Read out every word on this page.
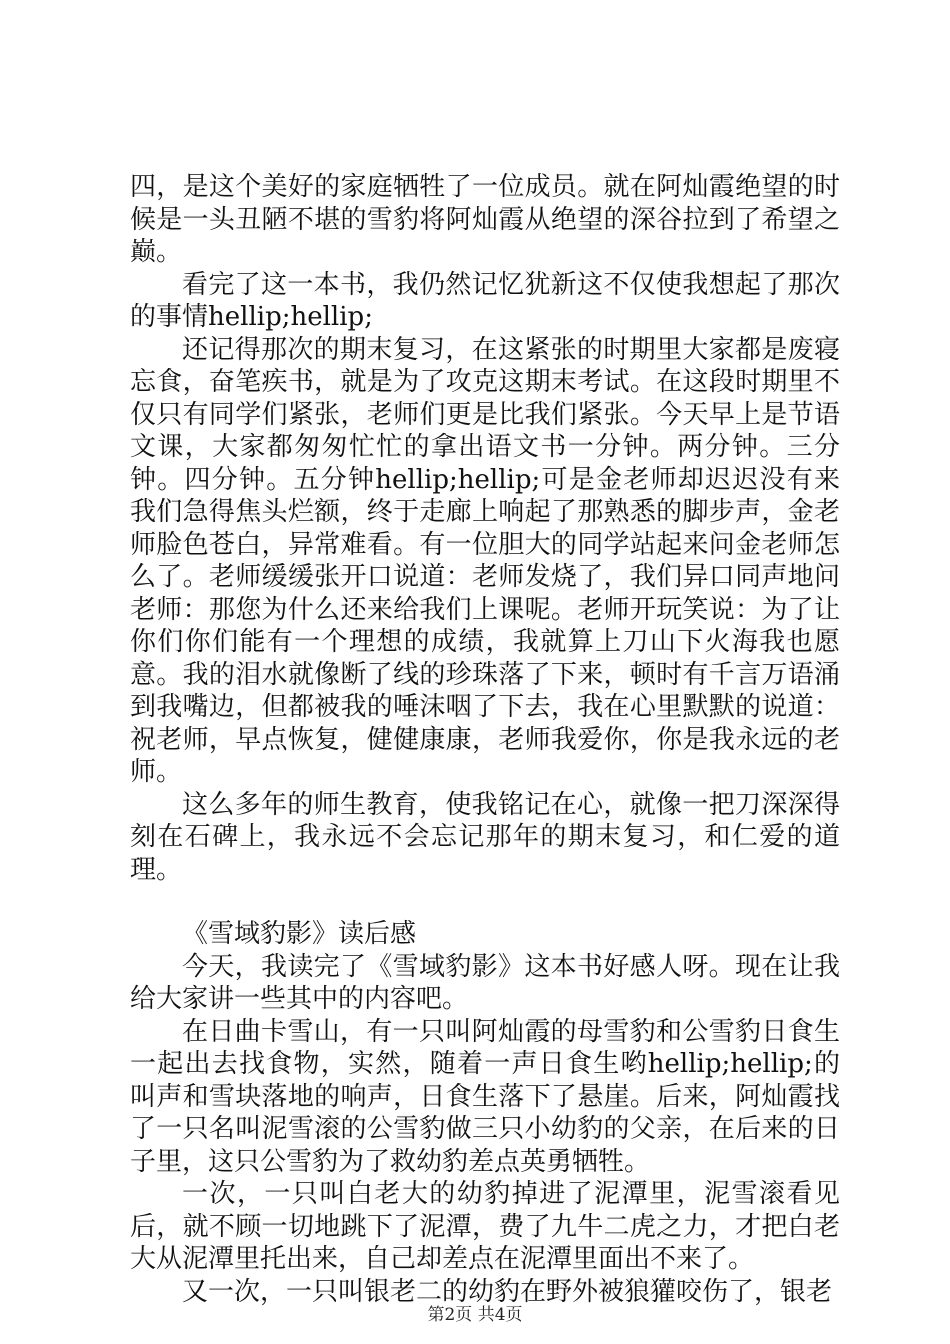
四，是这个美好的家庭牺牲了一位成员。就在阿灿霞绝望的时候是一头丑陋不堪的雪豹将阿灿霞从绝望的深谷拉到了希望之巅。

看完了这一本书，我仍然记忆犹新这不仅使我想起了那次的事情hellip;hellip;

还记得那次的期末复习，在这紧张的时期里大家都是废寝忘食，奋笔疾书，就是为了攻克这期末考试。在这段时期里不仅只有同学们紧张，老师们更是比我们紧张。今天早上是节语文课，大家都匆匆忙忙的拿出语文书一分钟。两分钟。三分钟。四分钟。五分钟hellip;hellip;可是金老师却迟迟没有来我们急得焦头烂额，终于走廊上响起了那熟悉的脚步声，金老师脸色苍白，异常难看。有一位胆大的同学站起来问金老师怎么了。老师缓缓张开口说道：老师发烧了，我们异口同声地问老师：那您为什么还来给我们上课呢。老师开玩笑说：为了让你们你们能有一个理想的成绩，我就算上刀山下火海我也愿意。我的泪水就像断了线的珍珠落了下来，顿时有千言万语涌到我嘴边，但都被我的唾沫咽了下去，我在心里默默的说道：祝老师，早点恢复，健健康康，老师我爱你，你是我永远的老师。

这么多年的师生教育，使我铭记在心，就像一把刀深深得刻在石碑上，我永远不会忘记那年的期末复习，和仁爱的道理。

《雪域豹影》读后感

今天，我读完了《雪域豹影》这本书好感人呀。现在让我给大家讲一些其中的内容吧。

在日曲卡雪山，有一只叫阿灿霞的母雪豹和公雪豹日食生一起出去找食物，实然，随着一声日食生哟hellip;hellip;的叫声和雪块落地的响声，日食生落下了悬崖。后来，阿灿霞找了一只名叫泥雪滚的公雪豹做三只小幼豹的父亲，在后来的日子里，这只公雪豹为了救幼豹差点英勇牺牲。

一次，一只叫白老大的幼豹掉进了泥潭里，泥雪滚看见后，就不顾一切地跳下了泥潭，费了九牛二虎之力，才把白老大从泥潭里托出来，自己却差点在泥潭里面出不来了。

又一次，一只叫银老二的幼豹在野外被狼獾咬伤了，银老

第2页 共4页
